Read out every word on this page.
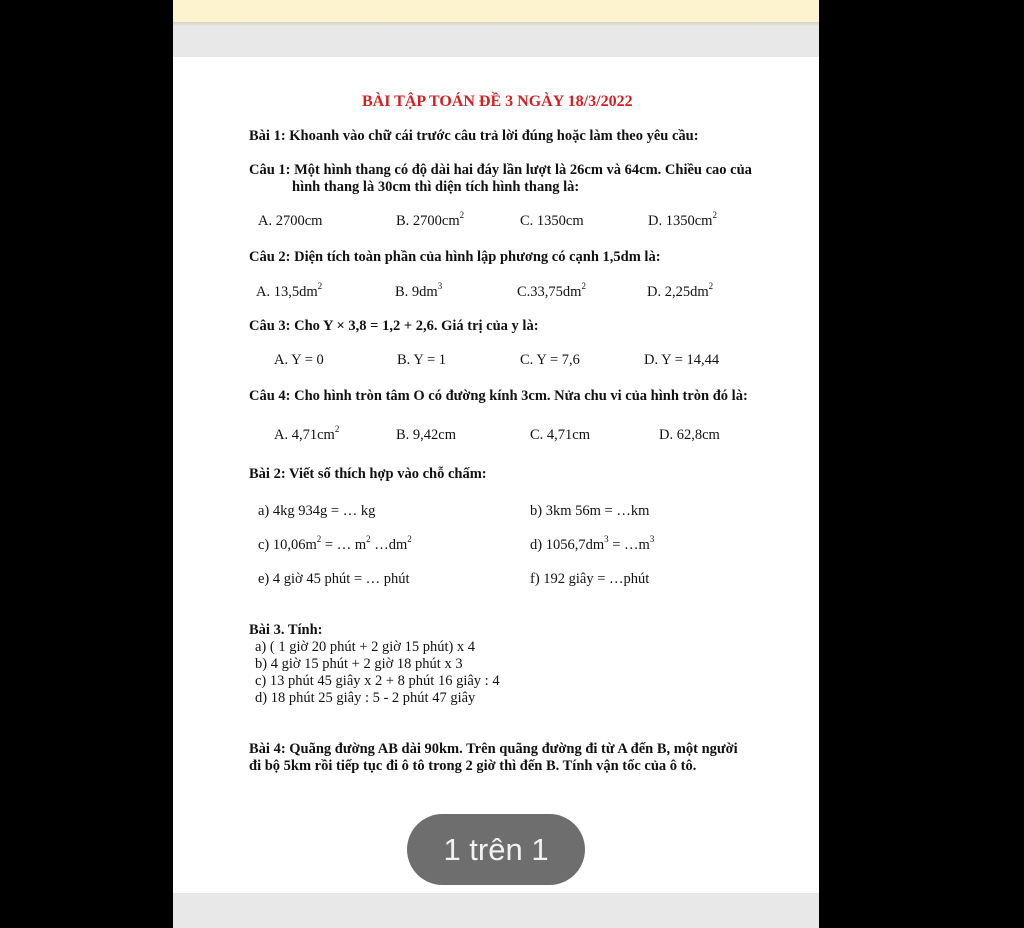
BÀI TẬP TOÁN ĐỀ 3 NGÀY 18/3/2022
Bài 1: Khoanh vào chữ cái trước câu trả lời đúng hoặc làm theo yêu cầu:
Câu 1: Một hình thang có độ dài hai đáy lần lượt là 26cm và 64cm. Chiều cao của
hình thang là 30cm thì diện tích hình thang là:
A. 2700cm	B. $2700cm^2$	C. 1350cm	D. $1350cm^2$
Câu 2: Diện tích toàn phần của hình lập phương có cạnh 1,5dm là:
A. $13,5dm^2$	B. $9dm^3$	$C.33,75dm^2$	D. $2,25dm^2$
Câu 3: Cho Y × 3,8 = 1,2 + 2,6. Giá trị của y là:
A. Y = 0	B. Y = 1	C. Y = 7,6	D. Y = 14,44
Câu 4: Cho hình tròn tâm O có đường kính 3cm. Nửa chu vi của hình tròn đó là:
A. $4,71cm^2$	B. 9,42cm	C. 4,71cm	D. 62,8cm
Bài 2: Viết số thích hợp vào chỗ chấm:
a) 4kg 934g = … kg	b) 3km 56m = …km
c) $10,06m^2$ = … $m^2$ $\dots dm^2$	d) $1056,7dm^3$ = $\dots m^3$
e) 4 giờ 45 phút = … phút	f) 192 giây = …phút
Bài 3. Tính:
a) ( 1 giờ 20 phút + 2 giờ 15 phút) x 4
b) 4 giờ 15 phút + 2 giờ 18 phút x 3
c) 13 phút 45 giây x 2 + 8 phút 16 giây : 4
d) 18 phút 25 giây : 5 - 2 phút 47 giây
Bài 4: Quãng đường AB dài 90km. Trên quãng đường đi từ A đến B, một người
đi bộ 5km rồi tiếp tục đi ô tô trong 2 giờ thì đến B. Tính vận tốc của ô tô.
1 trên 1
